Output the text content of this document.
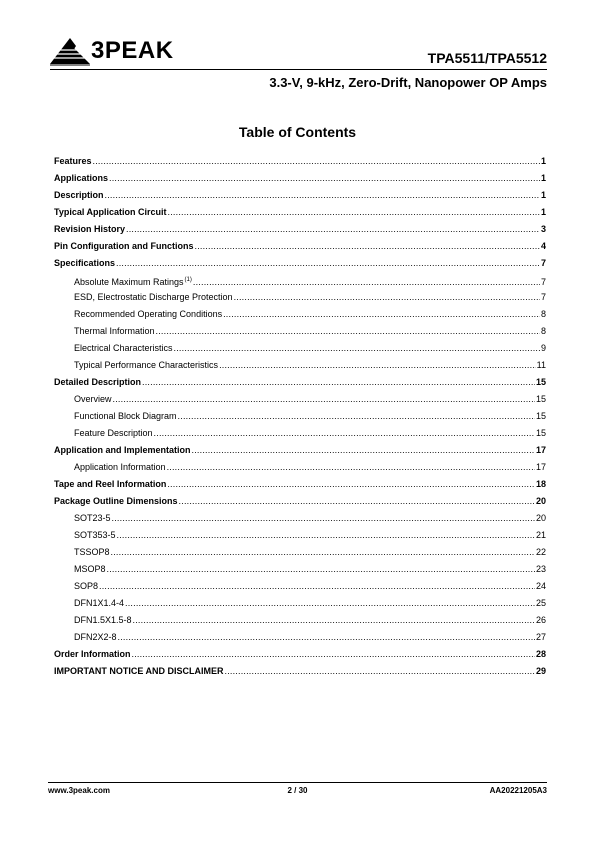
3PEAK	TPA5511/TPA5512
3.3-V, 9-kHz, Zero-Drift, Nanopower OP Amps
Table of Contents
Features .....	1
Applications .....	1
Description .....	1
Typical Application Circuit .....	1
Revision History .....	3
Pin Configuration and Functions .....	4
Specifications .....	7
Absolute Maximum Ratings$^{(1)}$ .....	7
ESD, Electrostatic Discharge Protection .....	7
Recommended Operating Conditions .....	8
Thermal Information .....	8
Electrical Characteristics .....	9
Typical Performance Characteristics .....	11
Detailed Description .....	15
Overview .....	15
Functional Block Diagram .....	15
Feature Description .....	15
Application and Implementation .....	17
Application Information .....	17
Tape and Reel Information .....	18
Package Outline Dimensions .....	20
SOT23-5 .....	20
SOT353-5 .....	21
TSSOP8 .....	22
MSOP8 .....	23
SOP8 .....	24
DFN1X1.4-4 .....	25
DFN1.5X1.5-8 .....	26
DFN2X2-8 .....	27
Order Information .....	28
IMPORTANT NOTICE AND DISCLAIMER .....	29
www.3peak.com	2 / 30	AA20221205A3
